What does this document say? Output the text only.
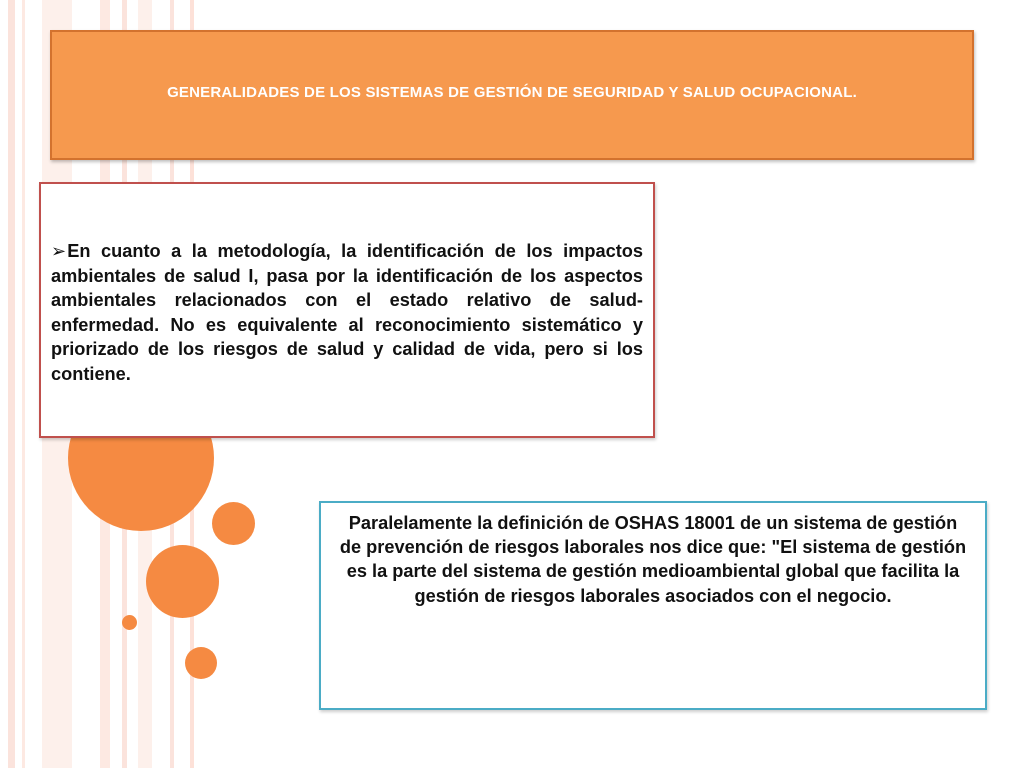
GENERALIDADES DE LOS SISTEMAS DE GESTIÓN DE SEGURIDAD Y SALUD OCUPACIONAL.
➢En cuanto a la metodología, la identificación de los impactos ambientales de salud I, pasa por la identificación de los aspectos ambientales relacionados con el estado relativo de salud-enfermedad. No es equivalente al reconocimiento sistemático y priorizado de los riesgos de salud y calidad de vida, pero si los contiene.
Paralelamente la definición de OSHAS 18001 de un sistema de gestión de prevención de riesgos laborales nos dice que: "El sistema de gestión es la parte del sistema de gestión medioambiental global que facilita la gestión de riesgos laborales asociados con el negocio.
